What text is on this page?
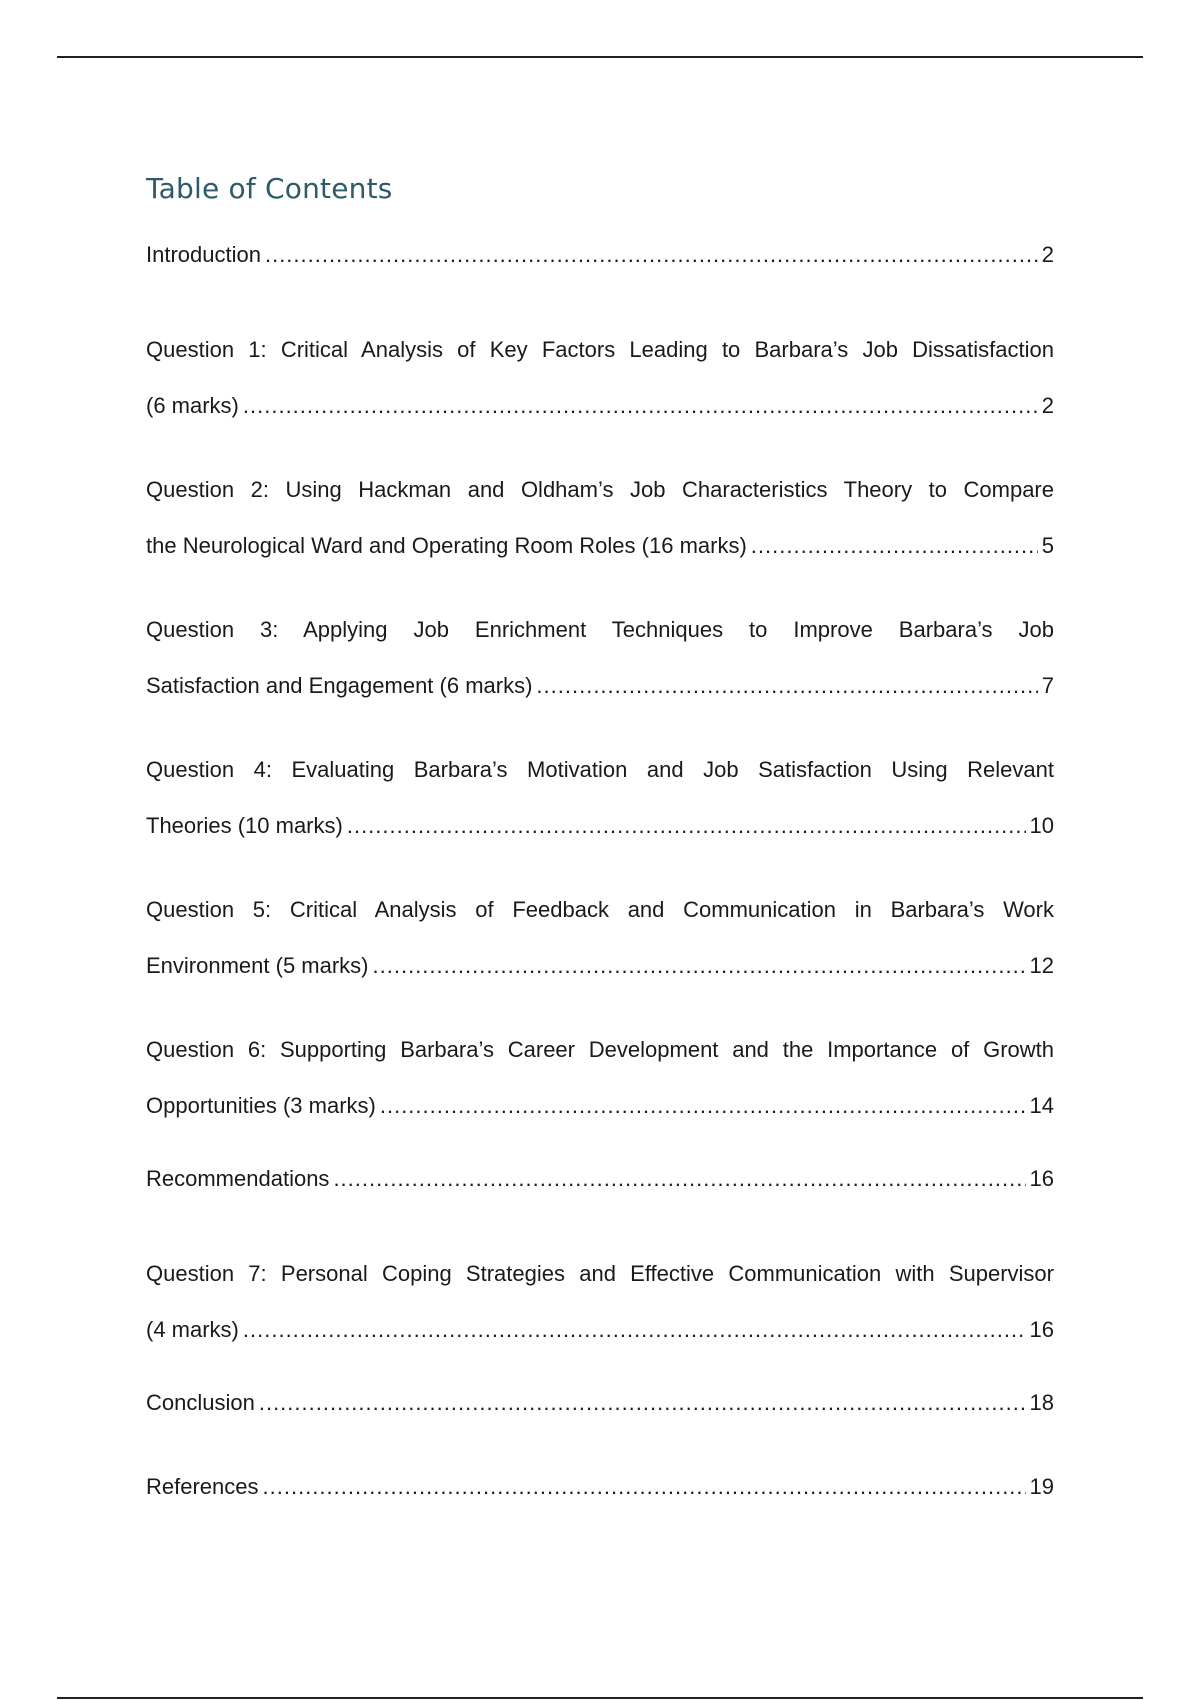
Table of Contents
Introduction .....	2
Question 1: Critical Analysis of Key Factors Leading to Barbara’s Job Dissatisfaction
(6 marks) .....	2
Question 2: Using Hackman and Oldham’s Job Characteristics Theory to Compare
the Neurological Ward and Operating Room Roles (16 marks) .....	5
Question 3: Applying Job Enrichment Techniques to Improve Barbara’s Job
Satisfaction and Engagement (6 marks) .....	7
Question 4: Evaluating Barbara’s Motivation and Job Satisfaction Using Relevant
Theories (10 marks) .....	10
Question 5: Critical Analysis of Feedback and Communication in Barbara’s Work
Environment (5 marks) .....	12
Question 6: Supporting Barbara’s Career Development and the Importance of Growth
Opportunities (3 marks) .....	14
Recommendations .....	16
Question 7: Personal Coping Strategies and Effective Communication with Supervisor
(4 marks) .....	16
Conclusion .....	18
References .....	19
